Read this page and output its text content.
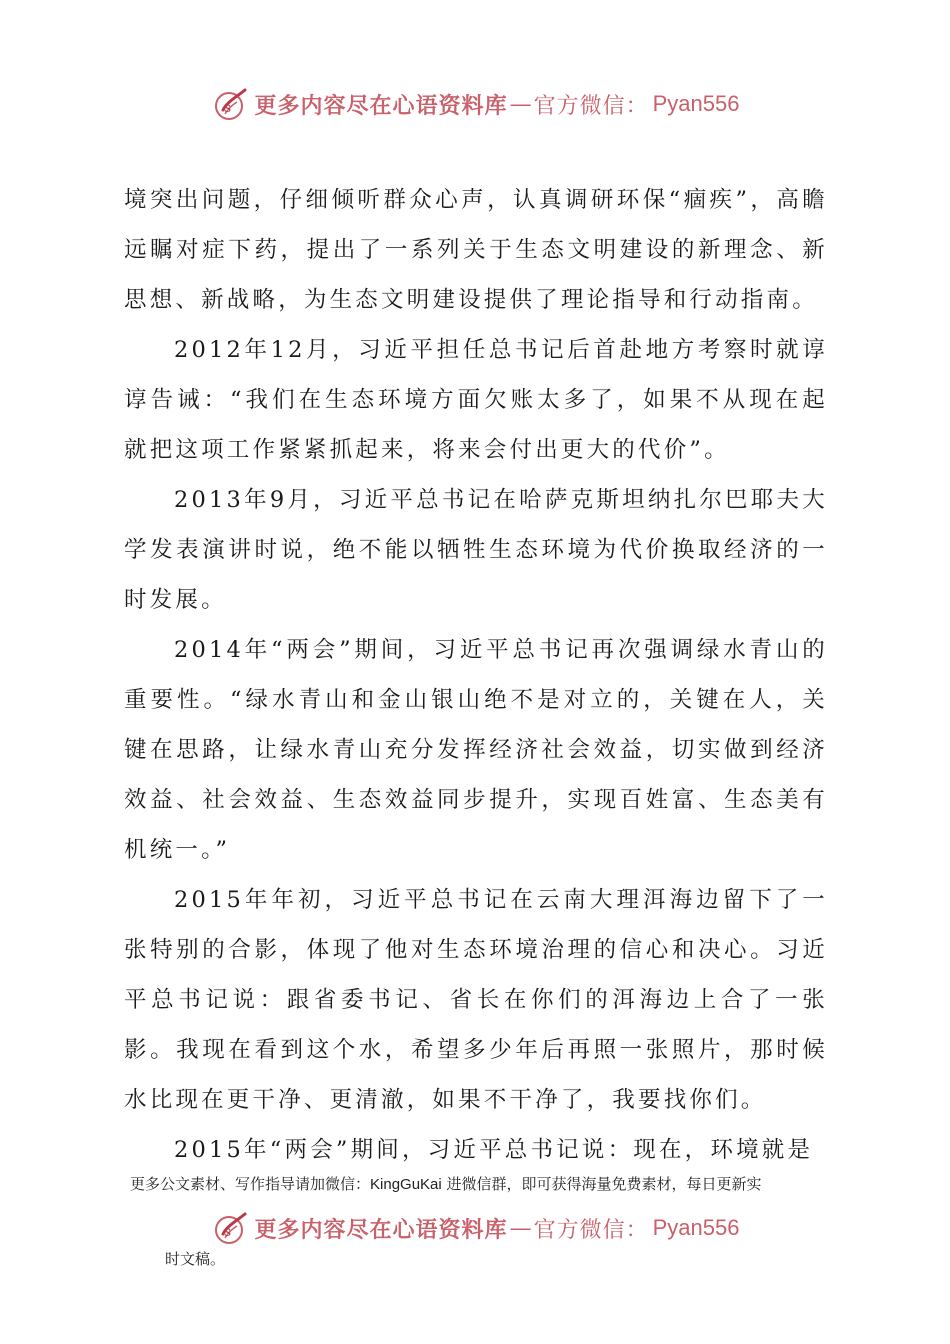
s 更多内容尽在心语资料库 — 官方微信： Pyan556

境突出问题，仔细倾听群众心声，认真调研环保“痼疾”，高瞻远瞩对症下药，提出了一系列关于生态文明建设的新理念、新思想、新战略，为生态文明建设提供了理论指导和行动指南。

2012年12月，习近平担任总书记后首赴地方考察时就谆谆告诫：“我们在生态环境方面欠账太多了，如果不从现在起就把这项工作紧紧抓起来，将来会付出更大的代价”。

2013年9月，习近平总书记在哈萨克斯坦纳扎尔巴耶夫大学发表演讲时说，绝不能以牺牲生态环境为代价换取经济的一时发展。

2014年“两会”期间，习近平总书记再次强调绿水青山的重要性。“绿水青山和金山银山绝不是对立的，关键在人，关键在思路，让绿水青山充分发挥经济社会效益，切实做到经济效益、社会效益、生态效益同步提升，实现百姓富、生态美有机统一。”

2015年年初，习近平总书记在云南大理洱海边留下了一张特别的合影，体现了他对生态环境治理的信心和决心。习近平总书记说：跟省委书记、省长在你们的洱海边上合了一张影。我现在看到这个水，希望多少年后再照一张照片，那时候水比现在更干净、更清澈，如果不干净了，我要找你们。

2015年“两会”期间，习近平总书记说：现在，环境就是

更多公文素材、写作指导请加微信：KingGuKai 进微信群，即可获得海量免费素材，每日更新实
s 更多内容尽在心语资料库 — 官方微信： Pyan556
时文稿。
